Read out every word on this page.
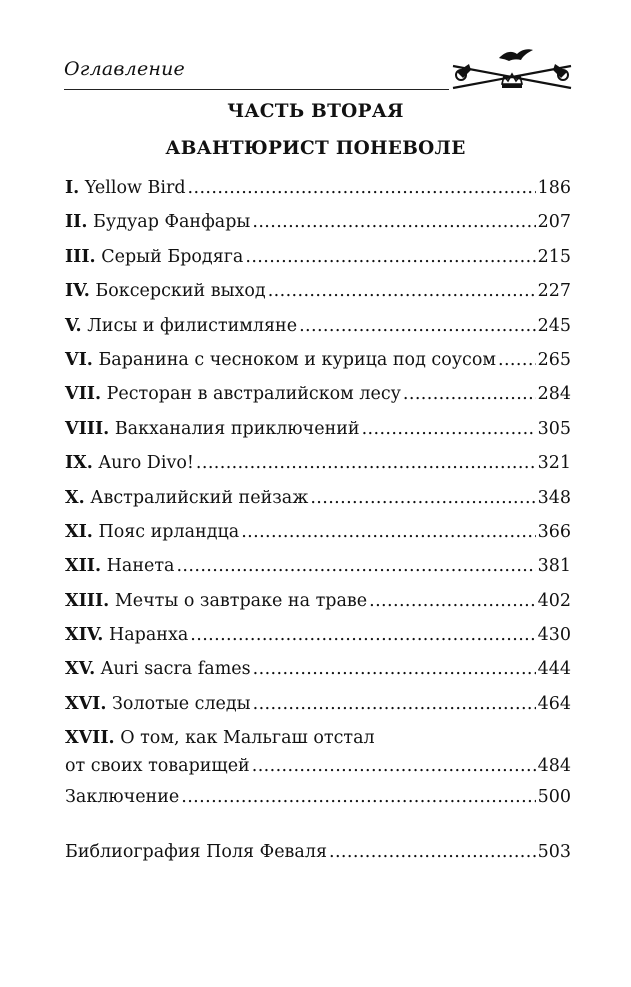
Оглавление
ЧАСТЬ ВТОРАЯ
АВАНТЮРИСТ ПОНЕВОЛЕ
I. Yellow Bird .....	186
II. Будуар Фанфары .....	207
III. Серый Бродяга .....	215
IV. Боксерский выход .....	227
V. Лисы и филистимляне .....	245
VI. Баранина с чесноком и курица под соусом ..... 265
VII. Ресторан в австралийском лесу .....	284
VIII. Вакханалия приключений .....	305
IX. Auro Divo! .....	321
X. Австралийский пейзаж .....	348
XI. Пояс ирландца .....	366
XII. Нанета .....	381
XIII. Мечты о завтраке на траве .....	402
XIV. Наранха .....	430
XV. Auri sacra fames .....	444
XVI. Золотые следы .....	464
XVII. О том, как Мальгаш отстал
от своих товарищей .....	484
Заключение .....	500
Библиография Поля Феваля .....	503
